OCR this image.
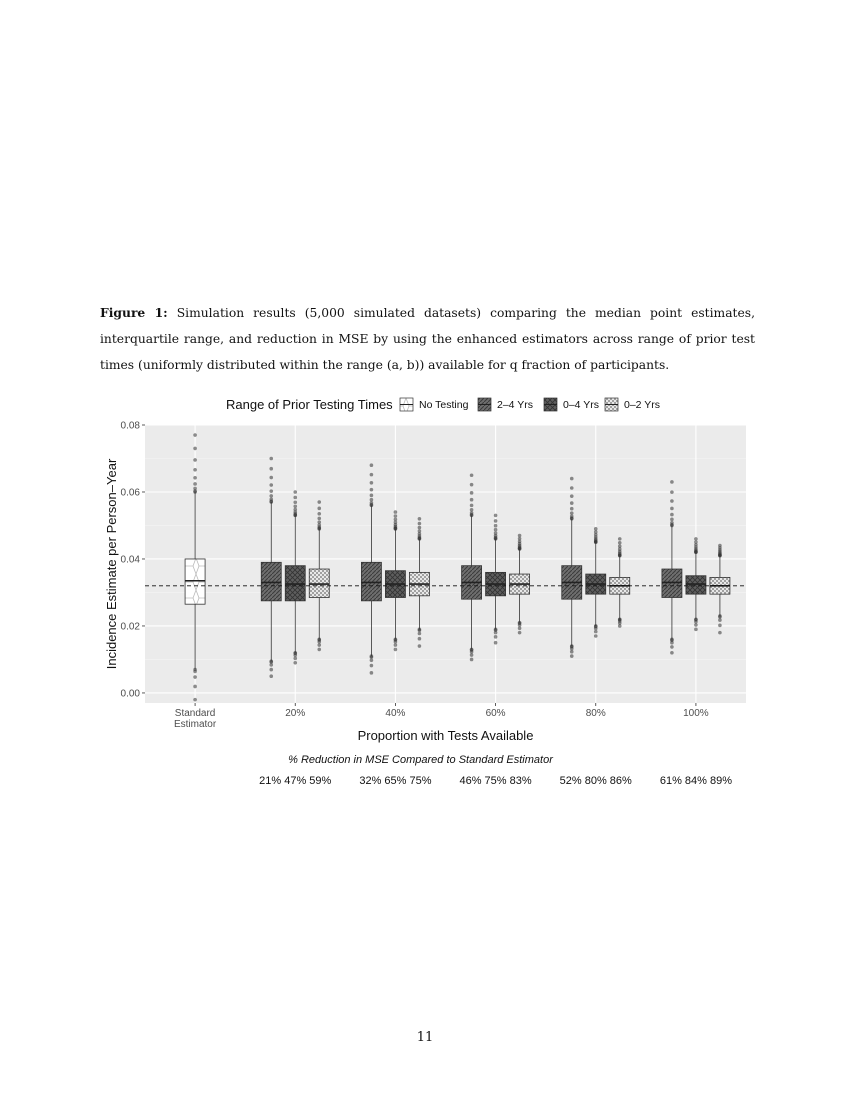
Figure 1: Simulation results (5,000 simulated datasets) comparing the median point estimates, interquartile range, and reduction in MSE by using the enhanced estimators across range of prior test times (uniformly distributed within the range (a, b)) available for q fraction of participants.
Range of Prior Testing Times	No Testing	2–4 Yrs	0–4 Yrs 0–2 Yrs
0.00
0.02
0.04
0.06
0.08
Standard
Estimator
20%	40%	60%	80%	100%
Proportion with Tests Available
Incidence Estimate per Person–Year
% Reduction in MSE Compared to Standard Estimator
21% 47% 59%	32% 65% 75%	46% 75% 83%	52% 80% 86%	61% 84% 89%
11
